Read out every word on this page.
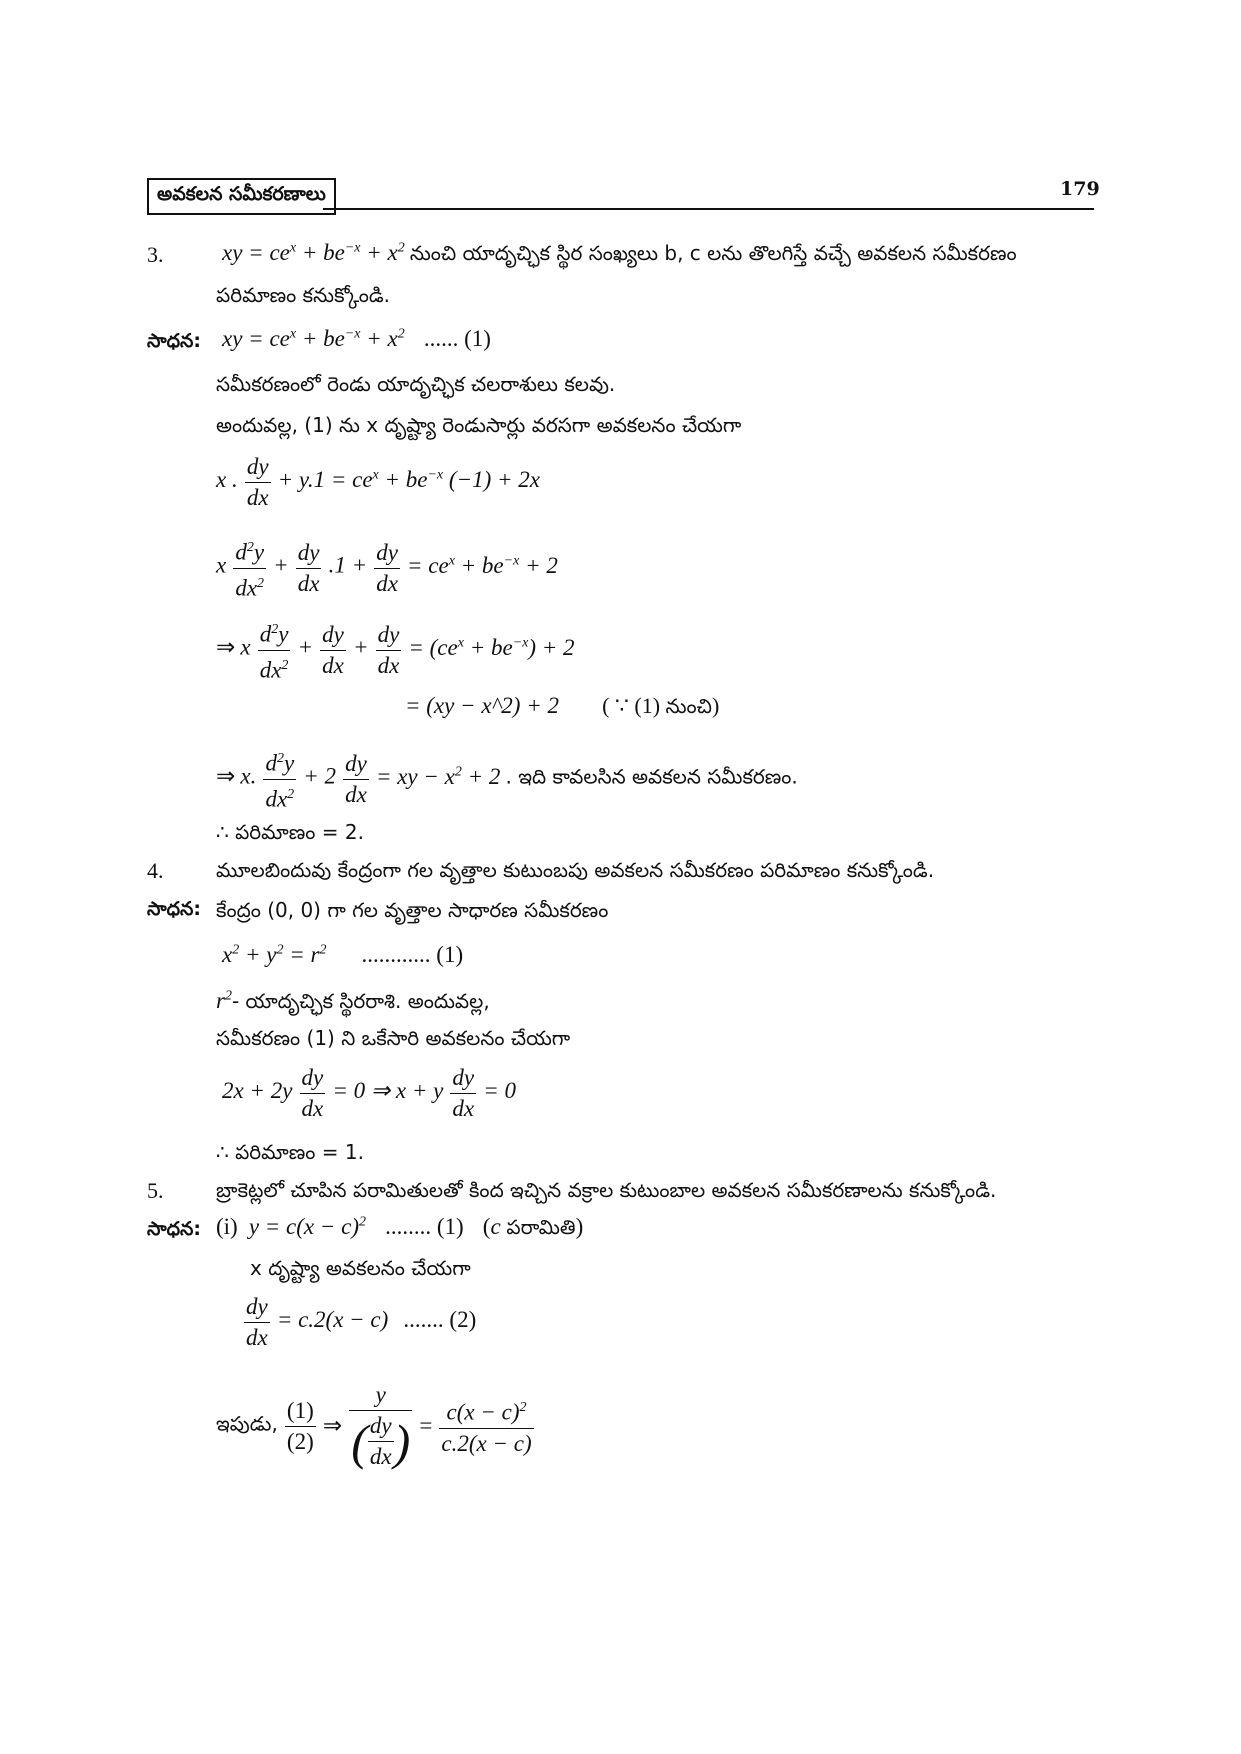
అవకలన సమీకరణాలు	179
3.	xy = $ce^x + be^{-x} + x^2$ నుంచి యాదృచ్ఛిక స్థిర సంఖ్యలు b, c లను తొలగిస్తే వచ్చే అవకలన సమీకరణం
పరిమాణం కనుక్కోండి.
సాధన: xy = $ce^x + be^{-x} + x^2$ ...... (1)
సమీకరణంలో రెండు యాదృచ్ఛిక చలరాశులు కలవు.
అందువల్ల, (1) ను x దృష్ట్యా రెండుసార్లు వరసగా అవకలనం చేయగా
x . $\frac{dy}{dx} + y.1 = ce^x + be^{-x}$ (−1) + 2x
x $\frac{d^2y}{dx^2} + \frac{dy}{dx} .1 + \frac{dy}{dx} = ce^x + be^{-x} + 2$
⇒ x $\frac{d^2y}{dx^2} + \frac{dy}{dx} + \frac{dy}{dx} = (ce^x + be^{-x}) + 2$
= (xy − x^2) + 2 ( ∵ (1) నుంచి)
⇒ x. $\frac{d^2y}{dx^2} + 2 \frac{dy}{dx}$ = xy − $x^2 + 2$ . ఇది కావలసిన అవకలన సమీకరణం.
∴ పరిమాణం = 2.
4.	మూలబిందువు కేంద్రంగా గల వృత్తాల కుటుంబపు అవకలన సమీకరణం పరిమాణం కనుక్కోండి.
సాధన: కేంద్రం (0, 0) గా గల వృత్తాల సాధారణ సమీకరణం
$x^2 + y^2 = r^2$ ............ (1)
$r^2-$ యాదృచ్ఛిక స్థిరరాశి. అందువల్ల,
సమీకరణం (1) ని ఒకేసారి అవకలనం చేయగా
$2x + 2y \frac{dy}{dx} = 0$ ⇒ x + y $\frac{dy}{dx} = 0$
∴ పరిమాణం = 1.
5.	బ్రాకెట్లలో చూపిన పరామితులతో కింద ఇచ్చిన వక్రాల కుటుంబాల అవకలన సమీకరణాలను కనుక్కోండి.
సాధన: (i) $y = c(x - c)^2$ ........ (1) (c పరామితి)
x దృష్ట్యా అవకలనం చేయగా
$\frac{dy}{dx} = c.2(x - c)$ ....... (2)
ఇపుడు, $\frac{(1)}{(2)}$ ⇒ $\frac{y}{( \frac{dy}{dx} )} = \frac{c(x - c)^2}{c.2(x - c)}$
